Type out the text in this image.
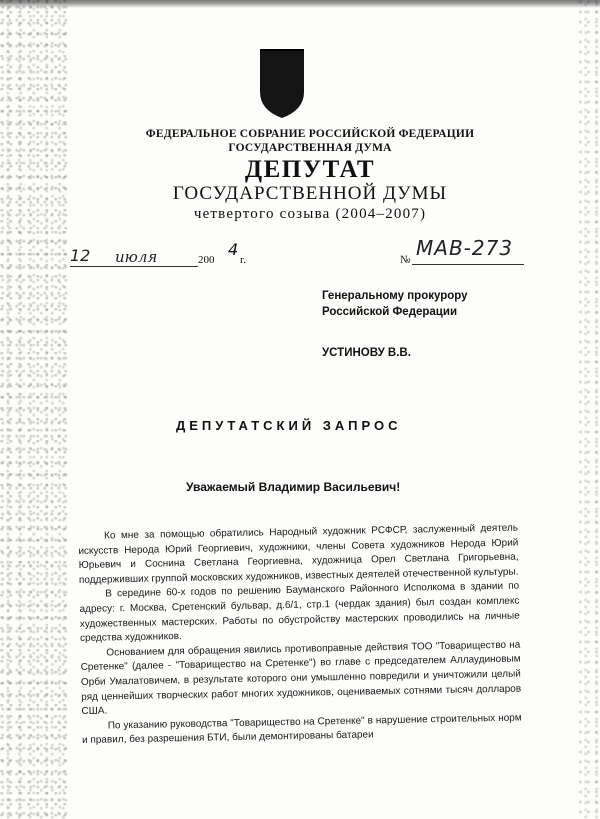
ФЕДЕРАЛЬНОЕ СОБРАНИЕ РОССИЙСКОЙ ФЕДЕРАЦИИ
ГОСУДАРСТВЕННАЯ ДУМА
ДЕПУТАТ
ГОСУДАРСТВЕННОЙ ДУМЫ
четвертого созыва (2004–2007)
12 июля	200
4
г.	№ МАВ-273
Генеральному прокурору
Российской Федерации
УСТИНОВУ В.В.
ДЕПУТАТСКИЙ ЗАПРОС
Уважаемый Владимир Васильевич!

Ко мне за помощью обратились Народный художник РСФСР, заслуженный деятель искусств Нерода Юрий Георгиевич, художники, члены Совета художников Нерода Юрий Юрьевич и Соснина Светлана Георгиевна, художница Орел Светлана Григорьевна, поддерживших группой московских художников, известных деятелей отечественной культуры.

В середине 60-х годов по решению Бауманского Районного Исполкома в здании по адресу: г. Москва, Сретенский бульвар, д.6/1, стр.1 (чердак здания) был создан комплекс художественных мастерских. Работы по обустройству мастерских проводились на личные средства художников.

Основанием для обращения явились противоправные действия ТОО "Товарищество на Сретенке" (далее - "Товарищество на Сретенке") во главе с председателем Аллаудиновым Орби Умалатовичем, в результате которого они умышленно повредили и уничтожили целый ряд ценнейших творческих работ многих художников, оцениваемых сотнями тысяч долларов США.

По указанию руководства "Товарищество на Сретенке" в нарушение строительных норм и правил, без разрешения БТИ, были демонтированы батареи
